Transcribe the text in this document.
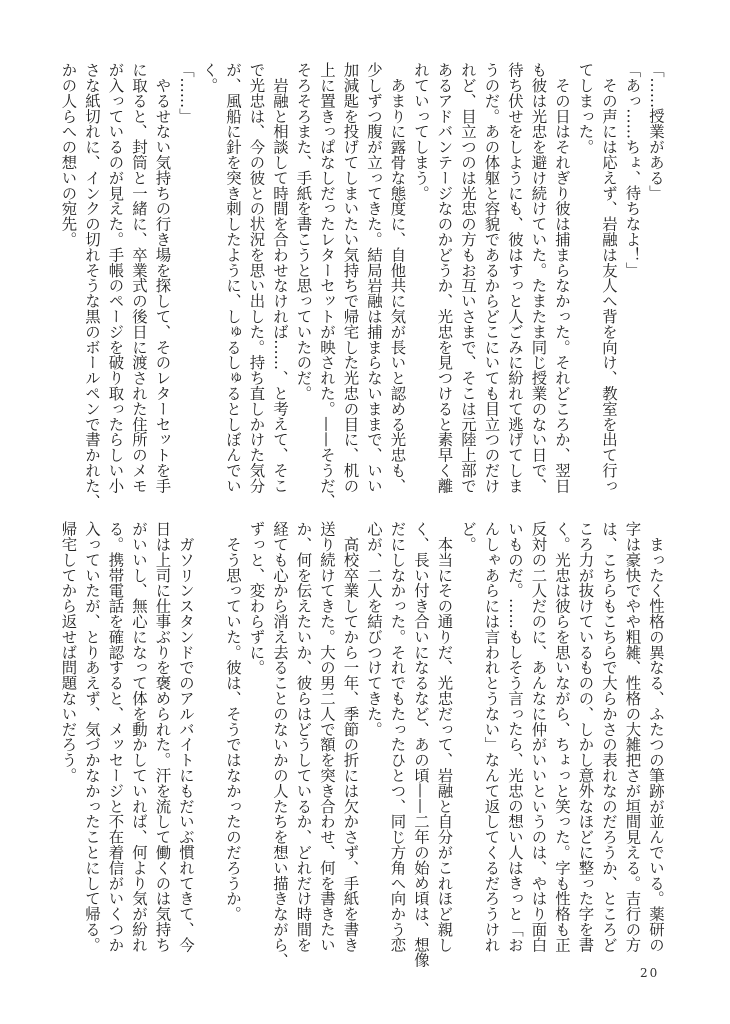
「……授業がある」
「あっ……ちょ、待ちなよ！」
　その声には応えず、岩融は友人へ背を向け、教室を出て行っ
てしまった。
　その日はそれぎり彼は捕まらなかった。それどころか、翌日
も彼は光忠を避け続けていた。たまたま同じ授業のない日で、
待ち伏せをしようにも、彼はすっと人ごみに紛れて逃げてしま
うのだ。あの体躯と容貌であるからどこにいても目立つのだけ
れど、目立つのは光忠の方もお互いさまで、そこは元陸上部で
あるアドバンテージなのかどうか、光忠を見つけると素早く離
れていってしまう。
　あまりに露骨な態度に、自他共に気が長いと認める光忠も、
少しずつ腹が立ってきた。結局岩融は捕まらないままで、いい
加減匙を投げてしまいたい気持ちで帰宅した光忠の目に、机の
上に置きっぱなしだったレターセットが映された。——そうだ、
そろそろまた、手紙を書こうと思っていたのだ。
　岩融と相談して時間を合わせなければ……、と考えて、そこ
で光忠は、今の彼との状況を思い出した。持ち直しかけた気分
が、風船に針を突き刺したように、しゅるしゅるとしぼんでい
く。
「……」
　やるせない気持ちの行き場を探して、そのレターセットを手
に取ると、封筒と一緒に、卒業式の後日に渡された住所のメモ
が入っているのが見えた。手帳のページを破り取ったらしい小
さな紙切れに、インクの切れそうな黒のボールペンで書かれた、
かの人らへの想いの宛先。
　まったく性格の異なる、ふたつの筆跡が並んでいる。薬研の
字は豪快でやや粗雑、性格の大雑把さが垣間見える。吉行の方
は、こちらもこちらで大らかさの表れなのだろうか、ところど
ころ力が抜けているものの、しかし意外なほどに整った字を書
く。光忠は彼らを思いながら、ちょっと笑った。字も性格も正
反対の二人だのに、あんなに仲がいいというのは、やはり面白
いものだ。……もしそう言ったら、光忠の想い人はきっと「お
んしゃあらには言われとうない」なんて返してくるだろうけれ
ど。
　本当にその通りだ、光忠だって、岩融と自分がこれほど親し
く、長い付き合いになるなど、あの頃——二年の始め頃は、想像
だにしなかった。それでもたったひとつ、同じ方角へ向かう恋
心が、二人を結びつけてきた。
　高校卒業してから一年、季節の折には欠かさず、手紙を書き
送り続けてきた。大の男二人で額を突き合わせ、何を書きたい
か、何を伝えたいか、彼らはどうしているか、どれだけ時間を
経ても心から消え去ることのないかの人たちを想い描きながら、
ずっと、変わらずに。
　そう思っていた。彼は、そうではなかったのだろうか。
　ガソリンスタンドでのアルバイトにもだいぶ慣れてきて、今
日は上司に仕事ぶりを褒められた。汗を流して働くのは気持ち
がいいし、無心になって体を動かしていれば、何より気が紛れ
る。携帯電話を確認すると、メッセージと不在着信がいくつか
入っていたが、とりあえず、気づかなかったことにして帰る。
帰宅してから返せば問題ないだろう。
20
